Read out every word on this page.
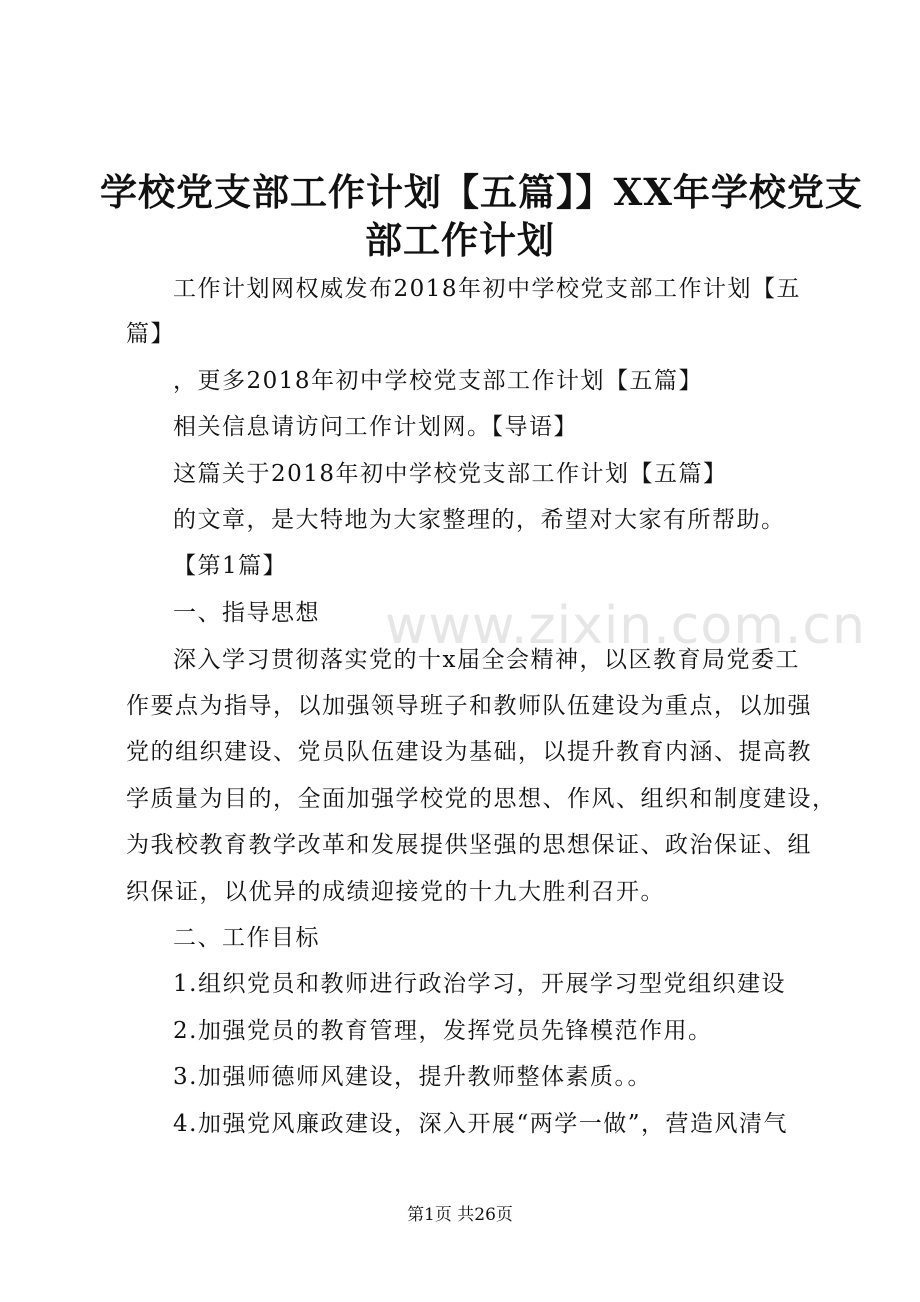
www.zixin.com.cn
学校党支部工作计划【五篇】】XX年学校党支
部工作计划
工作计划网权威发布2018年初中学校党支部工作计划【五
篇】
，更多2018年初中学校党支部工作计划【五篇】
相关信息请访问工作计划网。【导语】
这篇关于2018年初中学校党支部工作计划【五篇】
的文章，是大特地为大家整理的，希望对大家有所帮助。
【第1篇】
一、指导思想
深入学习贯彻落实党的十x届全会精神，以区教育局党委工
作要点为指导，以加强领导班子和教师队伍建设为重点，以加强
党的组织建设、党员队伍建设为基础，以提升教育内涵、提高教
学质量为目的，全面加强学校党的思想、作风、组织和制度建设，
为我校教育教学改革和发展提供坚强的思想保证、政治保证、组
织保证，以优异的成绩迎接党的十九大胜利召开。
二、工作目标
1.组织党员和教师进行政治学习，开展学习型党组织建设
2.加强党员的教育管理，发挥党员先锋模范作用。
3.加强师德师风建设，提升教师整体素质。。
4.加强党风廉政建设，深入开展“两学一做”，营造风清气
第1页 共26页
